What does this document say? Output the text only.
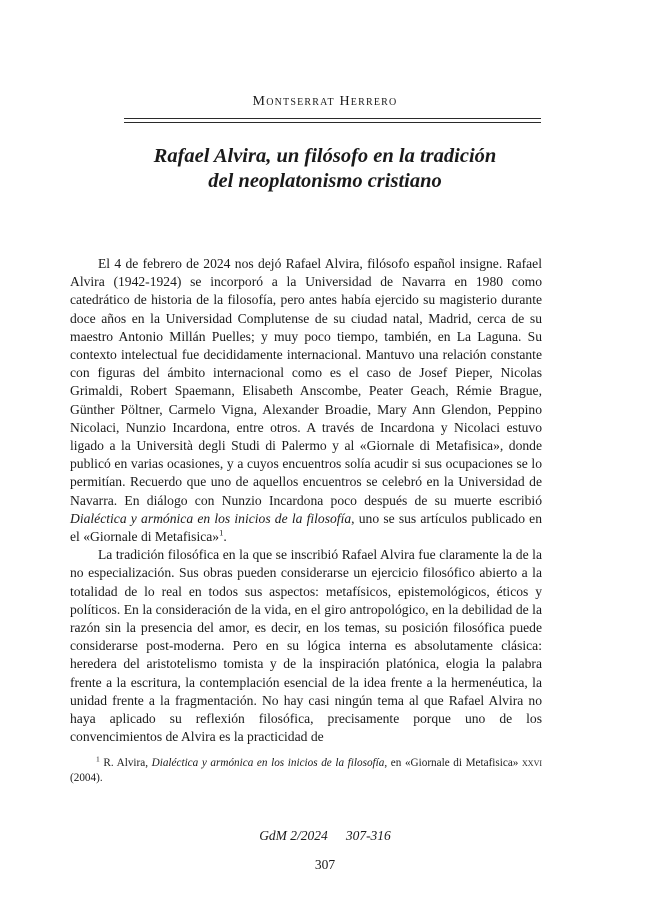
Montserrat Herrero
Rafael Alvira, un filósofo en la tradición
del neoplatonismo cristiano

El 4 de febrero de 2024 nos dejó Rafael Alvira, filósofo español insigne. Rafael Alvira (1942-1924) se incorporó a la Universidad de Navarra en 1980 como catedrático de historia de la filosofía, pero antes había ejercido su magisterio durante doce años en la Universidad Complutense de su ciudad natal, Madrid, cerca de su maestro Antonio Millán Puelles; y muy poco tiempo, también, en La Laguna. Su contexto intelectual fue decididamente internacional. Mantuvo una relación constante con figuras del ámbito internacional como es el caso de Josef Pieper, Nicolas Grimaldi, Robert Spaemann, Elisabeth Anscombe, Peater Geach, Rémie Brague, Günther Pöltner, Carmelo Vigna, Alexander Broadie, Mary Ann Glendon, Peppino Nicolaci, Nunzio Incardona, entre otros. A través de Incardona y Nicolaci estuvo ligado a la Università degli Studi di Palermo y al «Giornale di Metafisica», donde publicó en varias ocasiones, y a cuyos encuentros solía acudir si sus ocupaciones se lo permitían. Recuerdo que uno de aquellos encuentros se celebró en la Universidad de Navarra. En diálogo con Nunzio Incardona poco después de su muerte escribió Dialéctica y armónica en los inicios de la filosofía, uno se sus artículos publicado en el «Giornale di Metafisica»$^1$.

La tradición filosófica en la que se inscribió Rafael Alvira fue claramente la de la no especialización. Sus obras pueden considerarse un ejercicio filosófico abierto a la totalidad de lo real en todos sus aspectos: metafísicos, epistemológicos, éticos y políticos. En la consideración de la vida, en el giro antropológico, en la debilidad de la razón sin la presencia del amor, es decir, en los temas, su posición filosófica puede considerarse post-moderna. Pero en su lógica interna es absolutamente clásica: heredera del aristotelismo tomista y de la inspiración platónica, elogia la palabra frente a la escritura, la contemplación esencial de la idea frente a la hermenéutica, la unidad frente a la fragmentación. No hay casi ningún tema al que Rafael Alvira no haya aplicado su reflexión filosófica, precisamente porque uno de los convencimientos de Alvira es la practicidad de

$^1$ R. Alvira, Dialéctica y armónica en los inicios de la filosofía, en «Giornale di Metafisica» xxvi (2004).
GdM 2/2024 307-316
307
